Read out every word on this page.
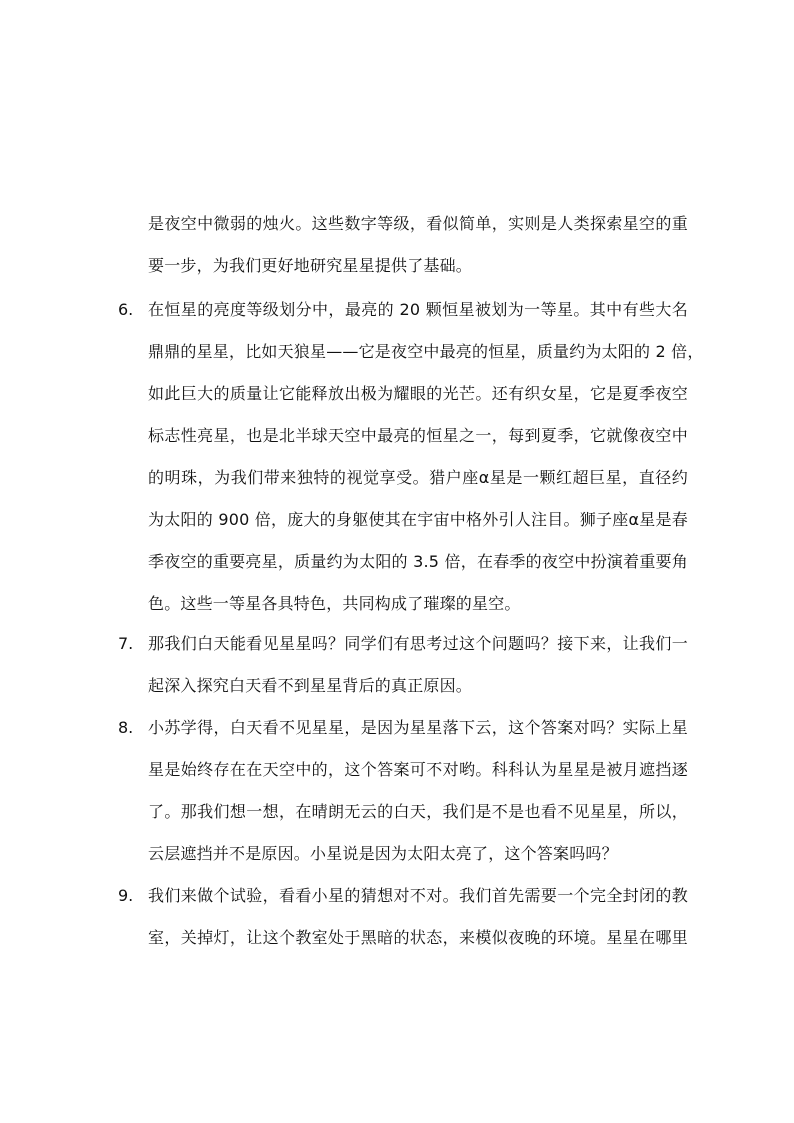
是夜空中微弱的烛火。这些数字等级，看似简单，实则是人类探索星空的重
要一步，为我们更好地研究星星提供了基础。
6. 在恒星的亮度等级划分中，最亮的 20 颗恒星被划为一等星。其中有些大名
鼎鼎的星星，比如天狼星——它是夜空中最亮的恒星，质量约为太阳的 2 倍，
如此巨大的质量让它能释放出极为耀眼的光芒。还有织女星，它是夏季夜空
标志性亮星，也是北半球天空中最亮的恒星之一，每到夏季，它就像夜空中
的明珠，为我们带来独特的视觉享受。猎户座α星是一颗红超巨星，直径约
为太阳的 900 倍，庞大的身躯使其在宇宙中格外引人注目。狮子座α星是春
季夜空的重要亮星，质量约为太阳的 3.5 倍，在春季的夜空中扮演着重要角
色。这些一等星各具特色，共同构成了璀璨的星空。
7. 那我们白天能看见星星吗？同学们有思考过这个问题吗？接下来，让我们一
起深入探究白天看不到星星背后的真正原因。
8. 小苏学得，白天看不见星星，是因为星星落下云，这个答案对吗？实际上星
星是始终存在在天空中的，这个答案可不对哟。科科认为星星是被月遮挡逐
了。那我们想一想，在晴朗无云的白天，我们是不是也看不见星星，所以，
云层遮挡并不是原因。小星说是因为太阳太亮了，这个答案吗吗？
9. 我们来做个试验，看看小星的猜想对不对。我们首先需要一个完全封闭的教
室，关掉灯，让这个教室处于黑暗的状态，来模似夜晚的环境。星星在哪里
